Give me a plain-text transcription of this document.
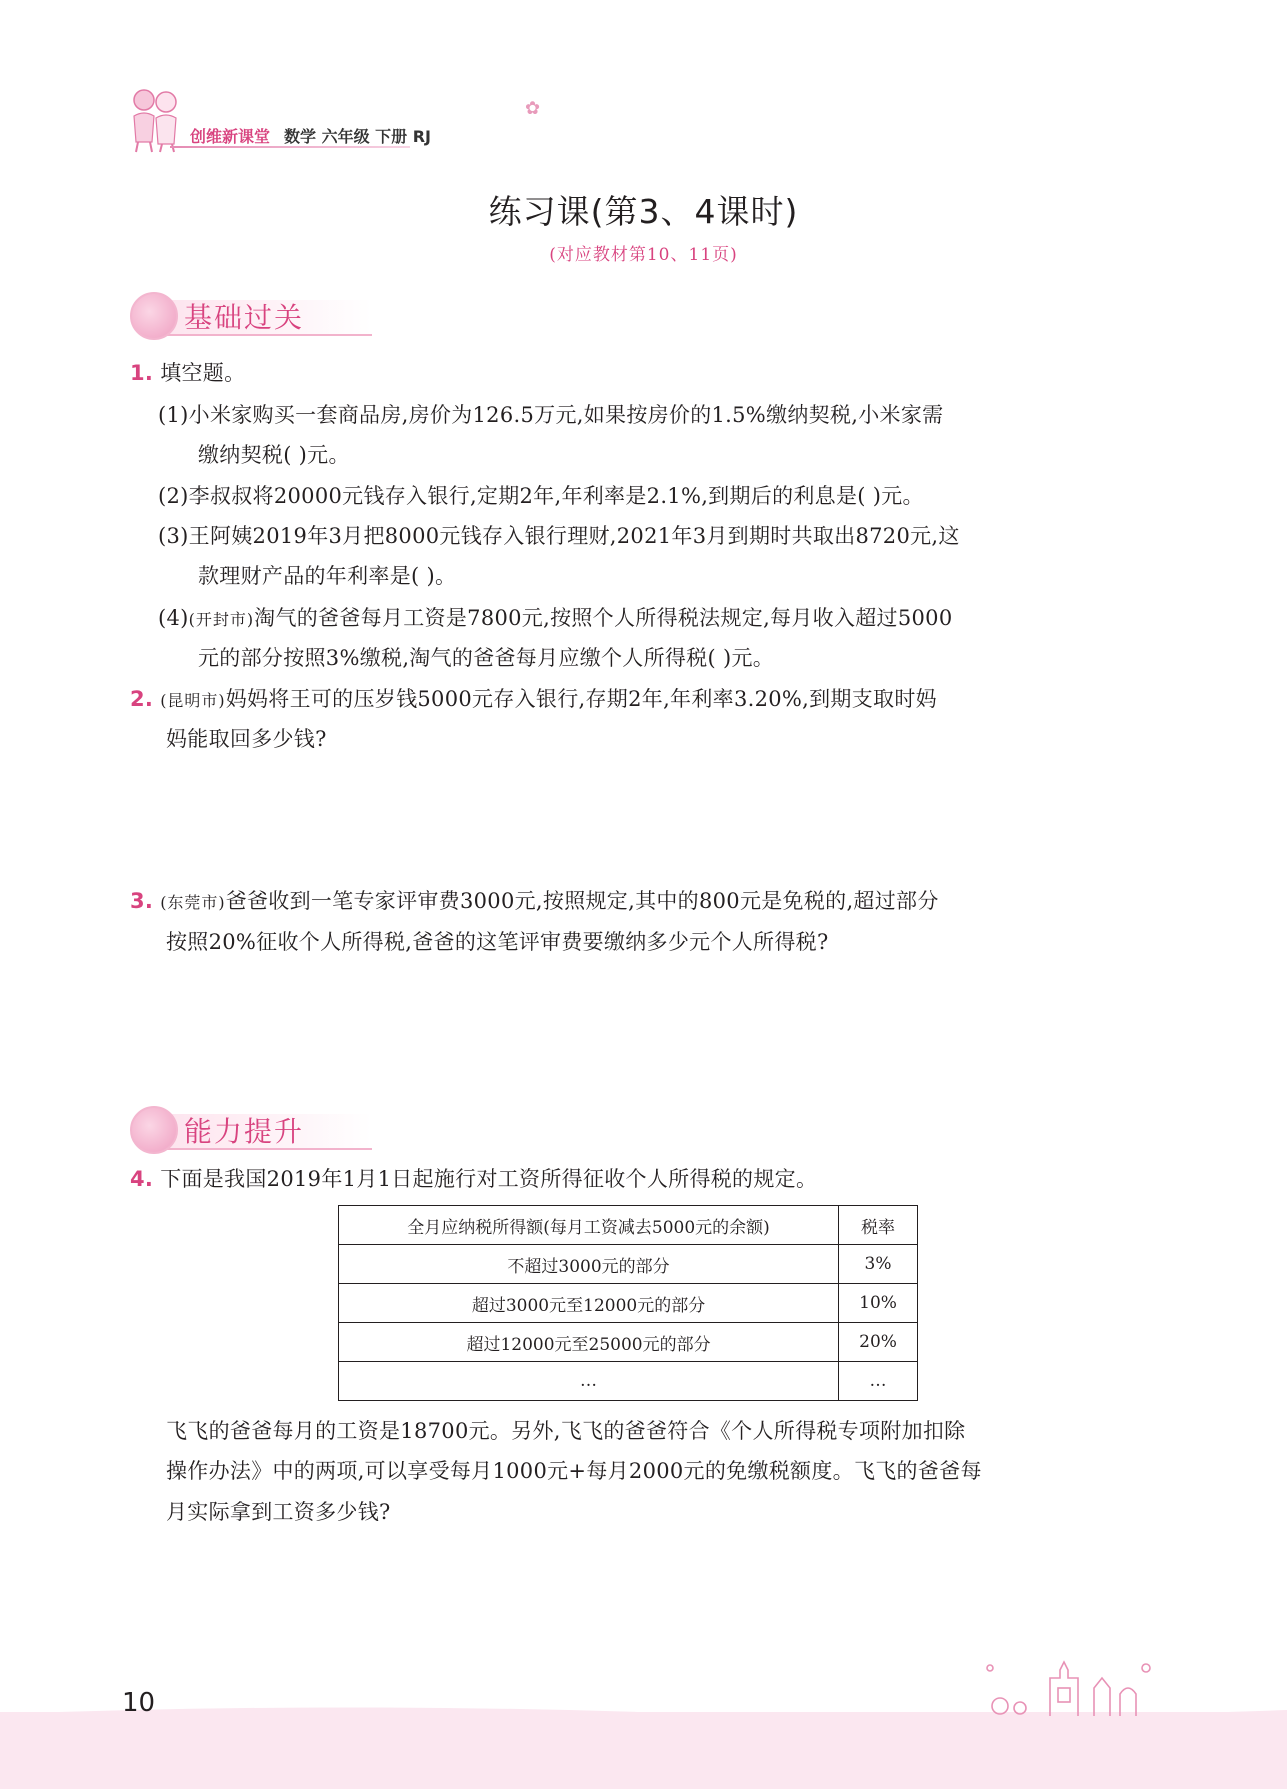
创维新课堂 数学 六年级 下册 RJ
✿
练习课(第3、4课时)
(对应教材第10、11页)
基础过关
1. 填空题。
(1)小米家购买一套商品房,房价为126.5万元,如果按房价的1.5%缴纳契税,小米家需
缴纳契税( )元。
(2)李叔叔将20000元钱存入银行,定期2年,年利率是2.1%,到期后的利息是( )元。
(3)王阿姨2019年3月把8000元钱存入银行理财,2021年3月到期时共取出8720元,这
款理财产品的年利率是( )。
(4)(开封市)淘气的爸爸每月工资是7800元,按照个人所得税法规定,每月收入超过5000
元的部分按照3%缴税,淘气的爸爸每月应缴个人所得税( )元。
2. (昆明市)妈妈将王可的压岁钱5000元存入银行,存期2年,年利率3.20%,到期支取时妈
妈能取回多少钱?
3. (东莞市)爸爸收到一笔专家评审费3000元,按照规定,其中的800元是免税的,超过部分
按照20%征收个人所得税,爸爸的这笔评审费要缴纳多少元个人所得税?
能力提升
4. 下面是我国2019年1月1日起施行对工资所得征收个人所得税的规定。
全月应纳税所得额(每月工资减去5000元的余额)	税率
不超过3000元的部分	3%
超过3000元至12000元的部分	10%
超过12000元至25000元的部分	20%
…	…
飞飞的爸爸每月的工资是18700元。另外,飞飞的爸爸符合《个人所得税专项附加扣除
操作办法》中的两项,可以享受每月1000元+每月2000元的免缴税额度。飞飞的爸爸每
月实际拿到工资多少钱?
10
